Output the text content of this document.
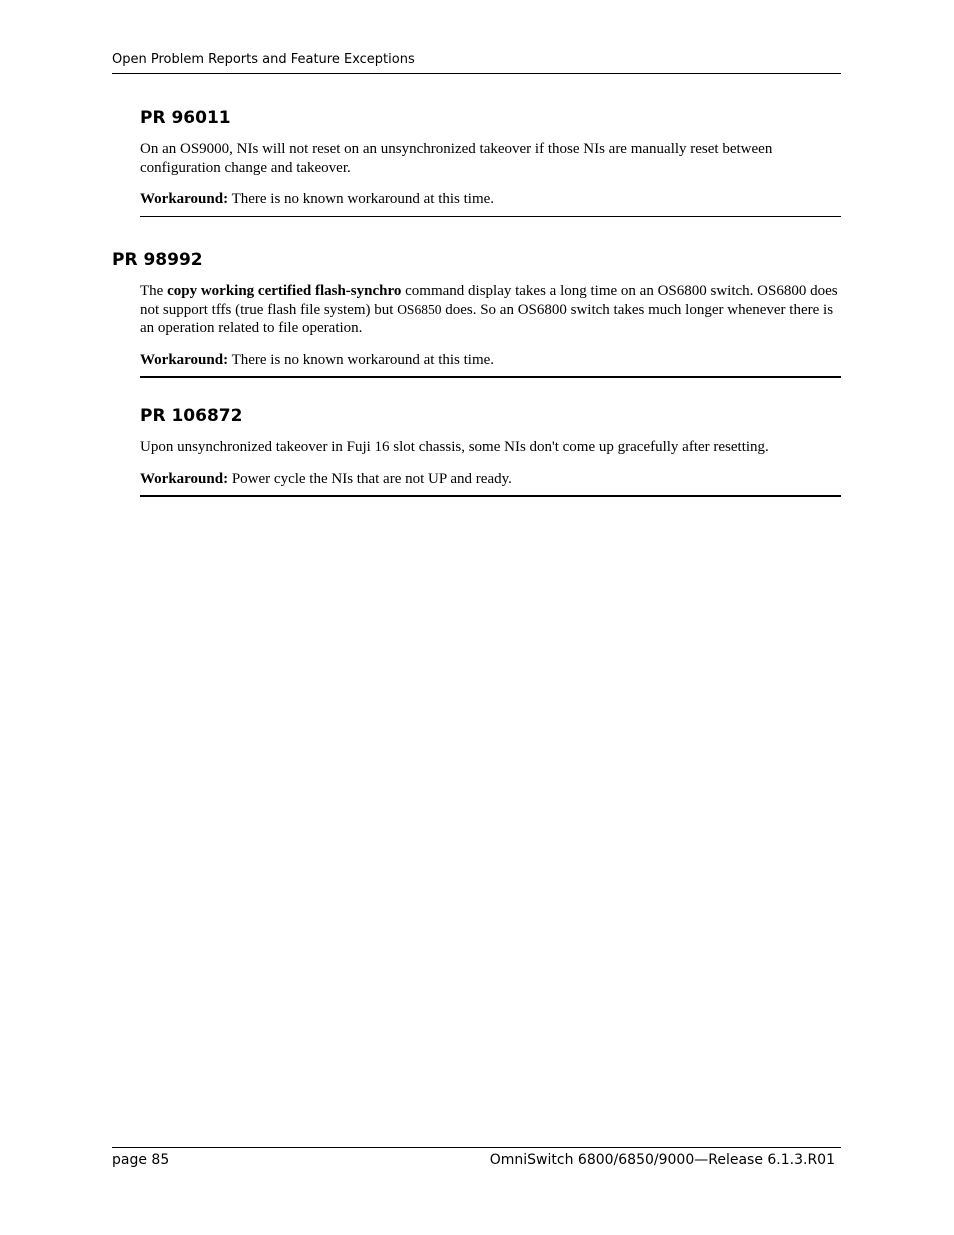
Open Problem Reports and Feature Exceptions
PR 96011
On an OS9000, NIs will not reset on an unsynchronized takeover if those NIs are manually reset between configuration change and takeover.
Workaround: There is no known workaround at this time.
PR 98992
The copy working certified flash-synchro command display takes a long time on an OS6800 switch. OS6800 does not support tffs (true flash file system) but OS6850 does. So an OS6800 switch takes much longer whenever there is an operation related to file operation.
Workaround: There is no known workaround at this time.
PR 106872
Upon unsynchronized takeover in Fuji 16 slot chassis, some NIs don't come up gracefully after resetting.
Workaround: Power cycle the NIs that are not UP and ready.
page 85	OmniSwitch 6800/6850/9000—Release 6.1.3.R01
